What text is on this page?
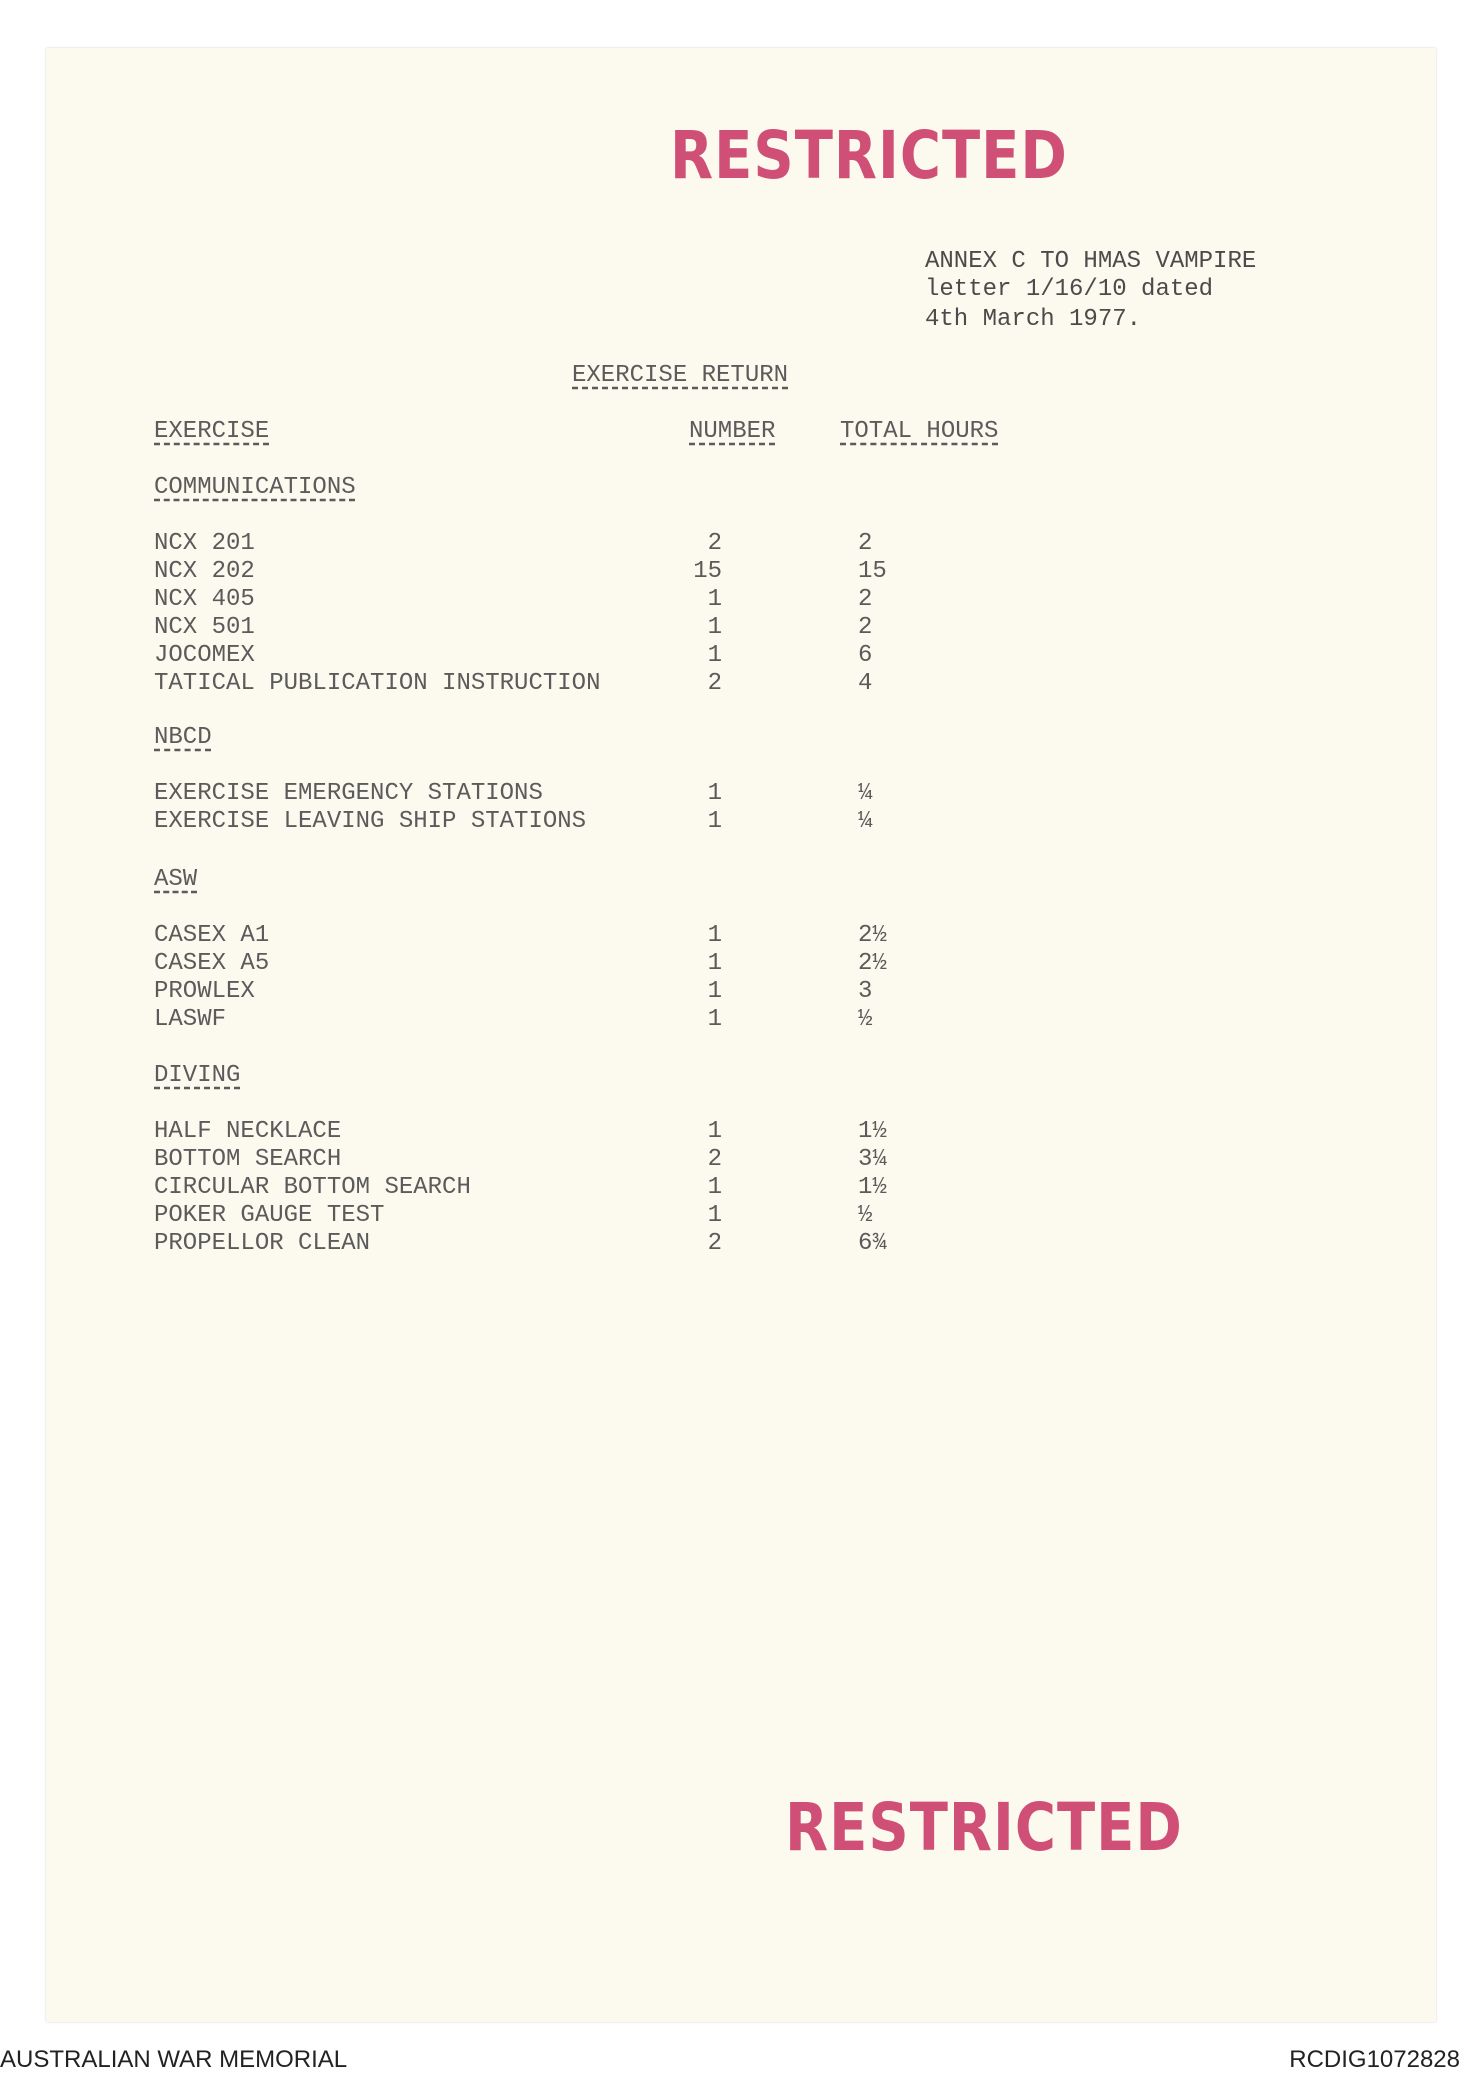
RESTRICTED
ANNEX C TO HMAS VAMPIRE
letter 1/16/10 dated
4th March 1977.
EXERCISE RETURN
EXERCISE	NUMBER	TOTAL HOURS
COMMUNICATIONS
NCX 201	2	2
NCX 202	15	15
NCX 405	1	2
NCX 501	1	2
JOCOMEX	1	6
TATICAL PUBLICATION INSTRUCTION	2	4
NBCD
EXERCISE EMERGENCY STATIONS	1	¼
EXERCISE LEAVING SHIP STATIONS	1	¼
ASW
CASEX A1	1	2½
CASEX A5	1	2½
PROWLEX	1	3
LASWF	1	½
DIVING
HALF NECKLACE	1	1½
BOTTOM SEARCH	2	3¼
CIRCULAR BOTTOM SEARCH	1	1½
POKER GAUGE TEST	1	½
PROPELLOR CLEAN	2	6¾
RESTRICTED
AUSTRALIAN WAR MEMORIAL	RCDIG1072828
